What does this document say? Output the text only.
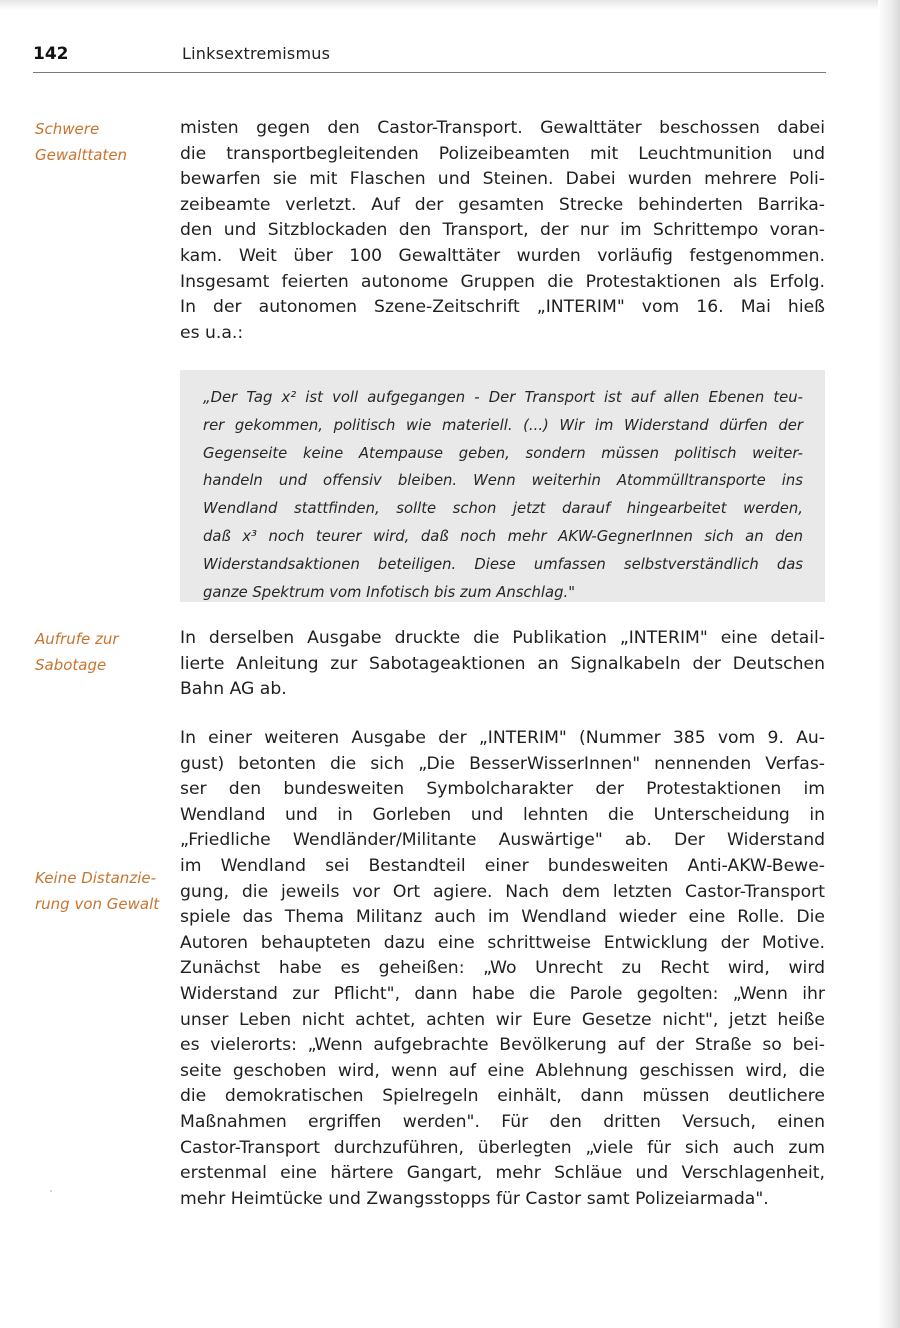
142	Linksextremismus
Schwere
Gewalttaten
Aufrufe zur
Sabotage
Keine Distanzie-
rung von Gewalt
misten gegen den Castor-Transport. Gewalttäter beschossen dabei
die transportbegleitenden Polizeibeamten mit Leuchtmunition und
bewarfen sie mit Flaschen und Steinen. Dabei wurden mehrere Poli-
zeibeamte verletzt. Auf der gesamten Strecke behinderten Barrika-
den und Sitzblockaden den Transport, der nur im Schrittempo voran-
kam. Weit über 100 Gewalttäter wurden vorläufig festgenommen.
Insgesamt feierten autonome Gruppen die Protestaktionen als Erfolg.
In der autonomen Szene-Zeitschrift „INTERIM" vom 16. Mai hieß
es u.a.:
„Der Tag x² ist voll aufgegangen - Der Transport ist auf allen Ebenen teu-
rer gekommen, politisch wie materiell. (...) Wir im Widerstand dürfen der
Gegenseite keine Atempause geben, sondern müssen politisch weiter-
handeln und offensiv bleiben. Wenn weiterhin Atommülltransporte ins
Wendland stattfinden, sollte schon jetzt darauf hingearbeitet werden,
daß x³ noch teurer wird, daß noch mehr AKW-GegnerInnen sich an den
Widerstandsaktionen beteiligen. Diese umfassen selbstverständlich das
ganze Spektrum vom Infotisch bis zum Anschlag."
In derselben Ausgabe druckte die Publikation „INTERIM" eine detail-
lierte Anleitung zur Sabotageaktionen an Signalkabeln der Deutschen
Bahn AG ab.
In einer weiteren Ausgabe der „INTERIM" (Nummer 385 vom 9. Au-
gust) betonten die sich „Die BesserWisserInnen" nennenden Verfas-
ser den bundesweiten Symbolcharakter der Protestaktionen im
Wendland und in Gorleben und lehnten die Unterscheidung in
„Friedliche Wendländer/Militante Auswärtige" ab. Der Widerstand
im Wendland sei Bestandteil einer bundesweiten Anti-AKW-Bewe-
gung, die jeweils vor Ort agiere. Nach dem letzten Castor-Transport
spiele das Thema Militanz auch im Wendland wieder eine Rolle. Die
Autoren behaupteten dazu eine schrittweise Entwicklung der Motive.
Zunächst habe es geheißen: „Wo Unrecht zu Recht wird, wird
Widerstand zur Pflicht", dann habe die Parole gegolten: „Wenn ihr
unser Leben nicht achtet, achten wir Eure Gesetze nicht", jetzt heiße
es vielerorts: „Wenn aufgebrachte Bevölkerung auf der Straße so bei-
seite geschoben wird, wenn auf eine Ablehnung geschissen wird, die
die demokratischen Spielregeln einhält, dann müssen deutlichere
Maßnahmen ergriffen werden". Für den dritten Versuch, einen
Castor-Transport durchzuführen, überlegten „viele für sich auch zum
erstenmal eine härtere Gangart, mehr Schläue und Verschlagenheit,
mehr Heimtücke und Zwangsstopps für Castor samt Polizeiarmada".
